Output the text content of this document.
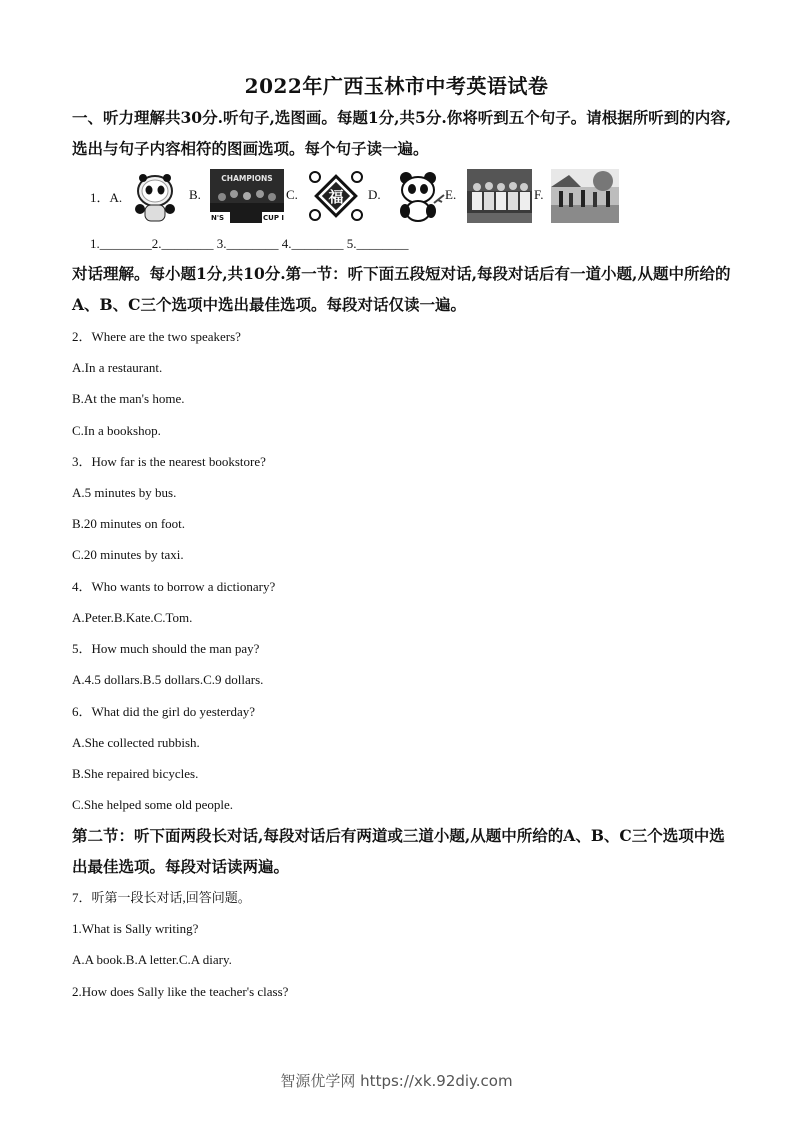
2022年广西玉林市中考英语试卷
一、听力理解共30分.听句子,选图画。每题1分,共5分.你将听到五个句子。请根据所听到的内容,选出与句子内容相符的图画选项。每个句子读一遍。
1．A.	B.
CHAMPIONS
N'S	CUP I
C. 福 D.	E.	F.
1.________2.________ 3.________ 4.________ 5.________
对话理解。每小题1分,共10分.第一节：听下面五段短对话,每段对话后有一道小题,从题中所给的A、B、C三个选项中选出最佳选项。每段对话仅读一遍。
2．Where are the two speakers?
A.In a restaurant.
B.At the man's home.
C.In a bookshop.
3．How far is the nearest bookstore?
A.5 minutes by bus.
B.20 minutes on foot.
C.20 minutes by taxi.
4．Who wants to borrow a dictionary?
A.Peter.B.Kate.C.Tom.
5．How much should the man pay?
A.4.5 dollars.B.5 dollars.C.9 dollars.
6．What did the girl do yesterday?
A.She collected rubbish.
B.She repaired bicycles.
C.She helped some old people.
第二节：听下面两段长对话,每段对话后有两道或三道小题,从题中所给的A、B、C三个选项中选出最佳选项。每段对话读两遍。
7．听第一段长对话,回答问题。
1.What is Sally writing?
A.A book.B.A letter.C.A diary.
2.How does Sally like the teacher's class?
智源优学网 https://xk.92diy.com
